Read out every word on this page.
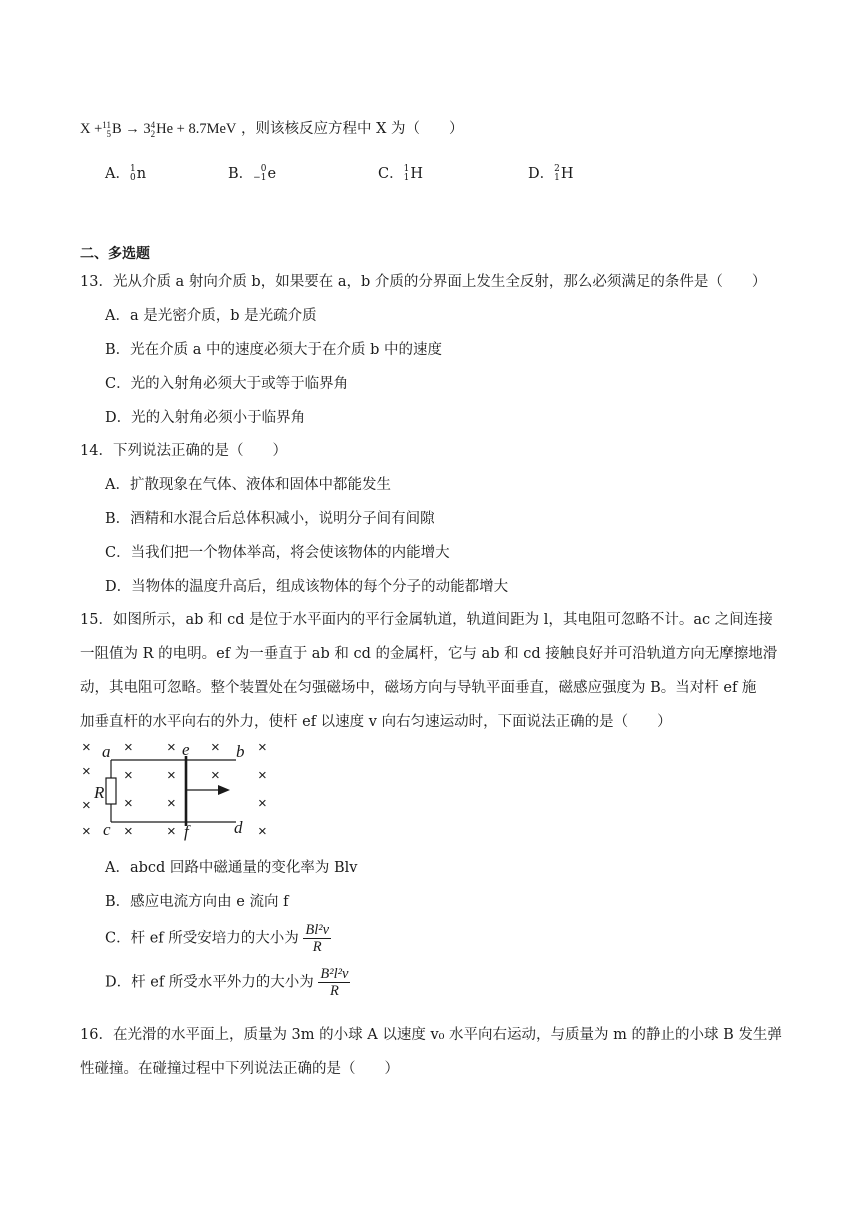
X + 11
5 B → 3 4
2 He + 8.7MeV ，则该核反应方程中 X 为（　　）
A． 1
0 n	B． 0
−1 e	C． 1
1 H	D． 2
1 H
二、多选题
13．光从介质 a 射向介质 b，如果要在 a，b 介质的分界面上发生全反射，那么必须满足的条件是（　　）
A．a 是光密介质，b 是光疏介质
B．光在介质 a 中的速度必须大于在介质 b 中的速度
C．光的入射角必须大于或等于临界角
D．光的入射角必须小于临界角
14．下列说法正确的是（　　）
A．扩散现象在气体、液体和固体中都能发生
B．酒精和水混合后总体积减小，说明分子间有间隙
C．当我们把一个物体举高，将会使该物体的内能增大
D．当物体的温度升高后，组成该物体的每个分子的动能都增大
15．如图所示，ab 和 cd 是位于水平面内的平行金属轨道，轨道间距为 l，其电阻可忽略不计。ac 之间连接
一阻值为 R 的电明。ef 为一垂直于 ab 和 cd 的金属杆，它与 ab 和 cd 接触良好并可沿轨道方向无摩擦地滑
动，其电阻可忽略。整个装置处在匀强磁场中，磁场方向与导轨平面垂直，磁感应强度为 B。当对杆 ef 施
加垂直杆的水平向右的外力，使杆 ef 以速度 v 向右匀速运动时，下面说法正确的是（　　）
× × × ×	×
× × ×	×
×
× × ×	×
× × ×	×
a	e	b
R
c	f	d
A．abcd 回路中磁通量的变化率为 Blv
B．感应电流方向由 e 流向 f
C．杆 ef 所受安培力的大小为 $\frac{\text{Bl²v}}{R}$
D．杆 ef 所受水平外力的大小为 $\frac{\text{B²l²v}}{R}$
16．在光滑的水平面上，质量为 3m 的小球 A 以速度 v₀ 水平向右运动，与质量为 m 的静止的小球 B 发生弹
性碰撞。在碰撞过程中下列说法正确的是（　　）
